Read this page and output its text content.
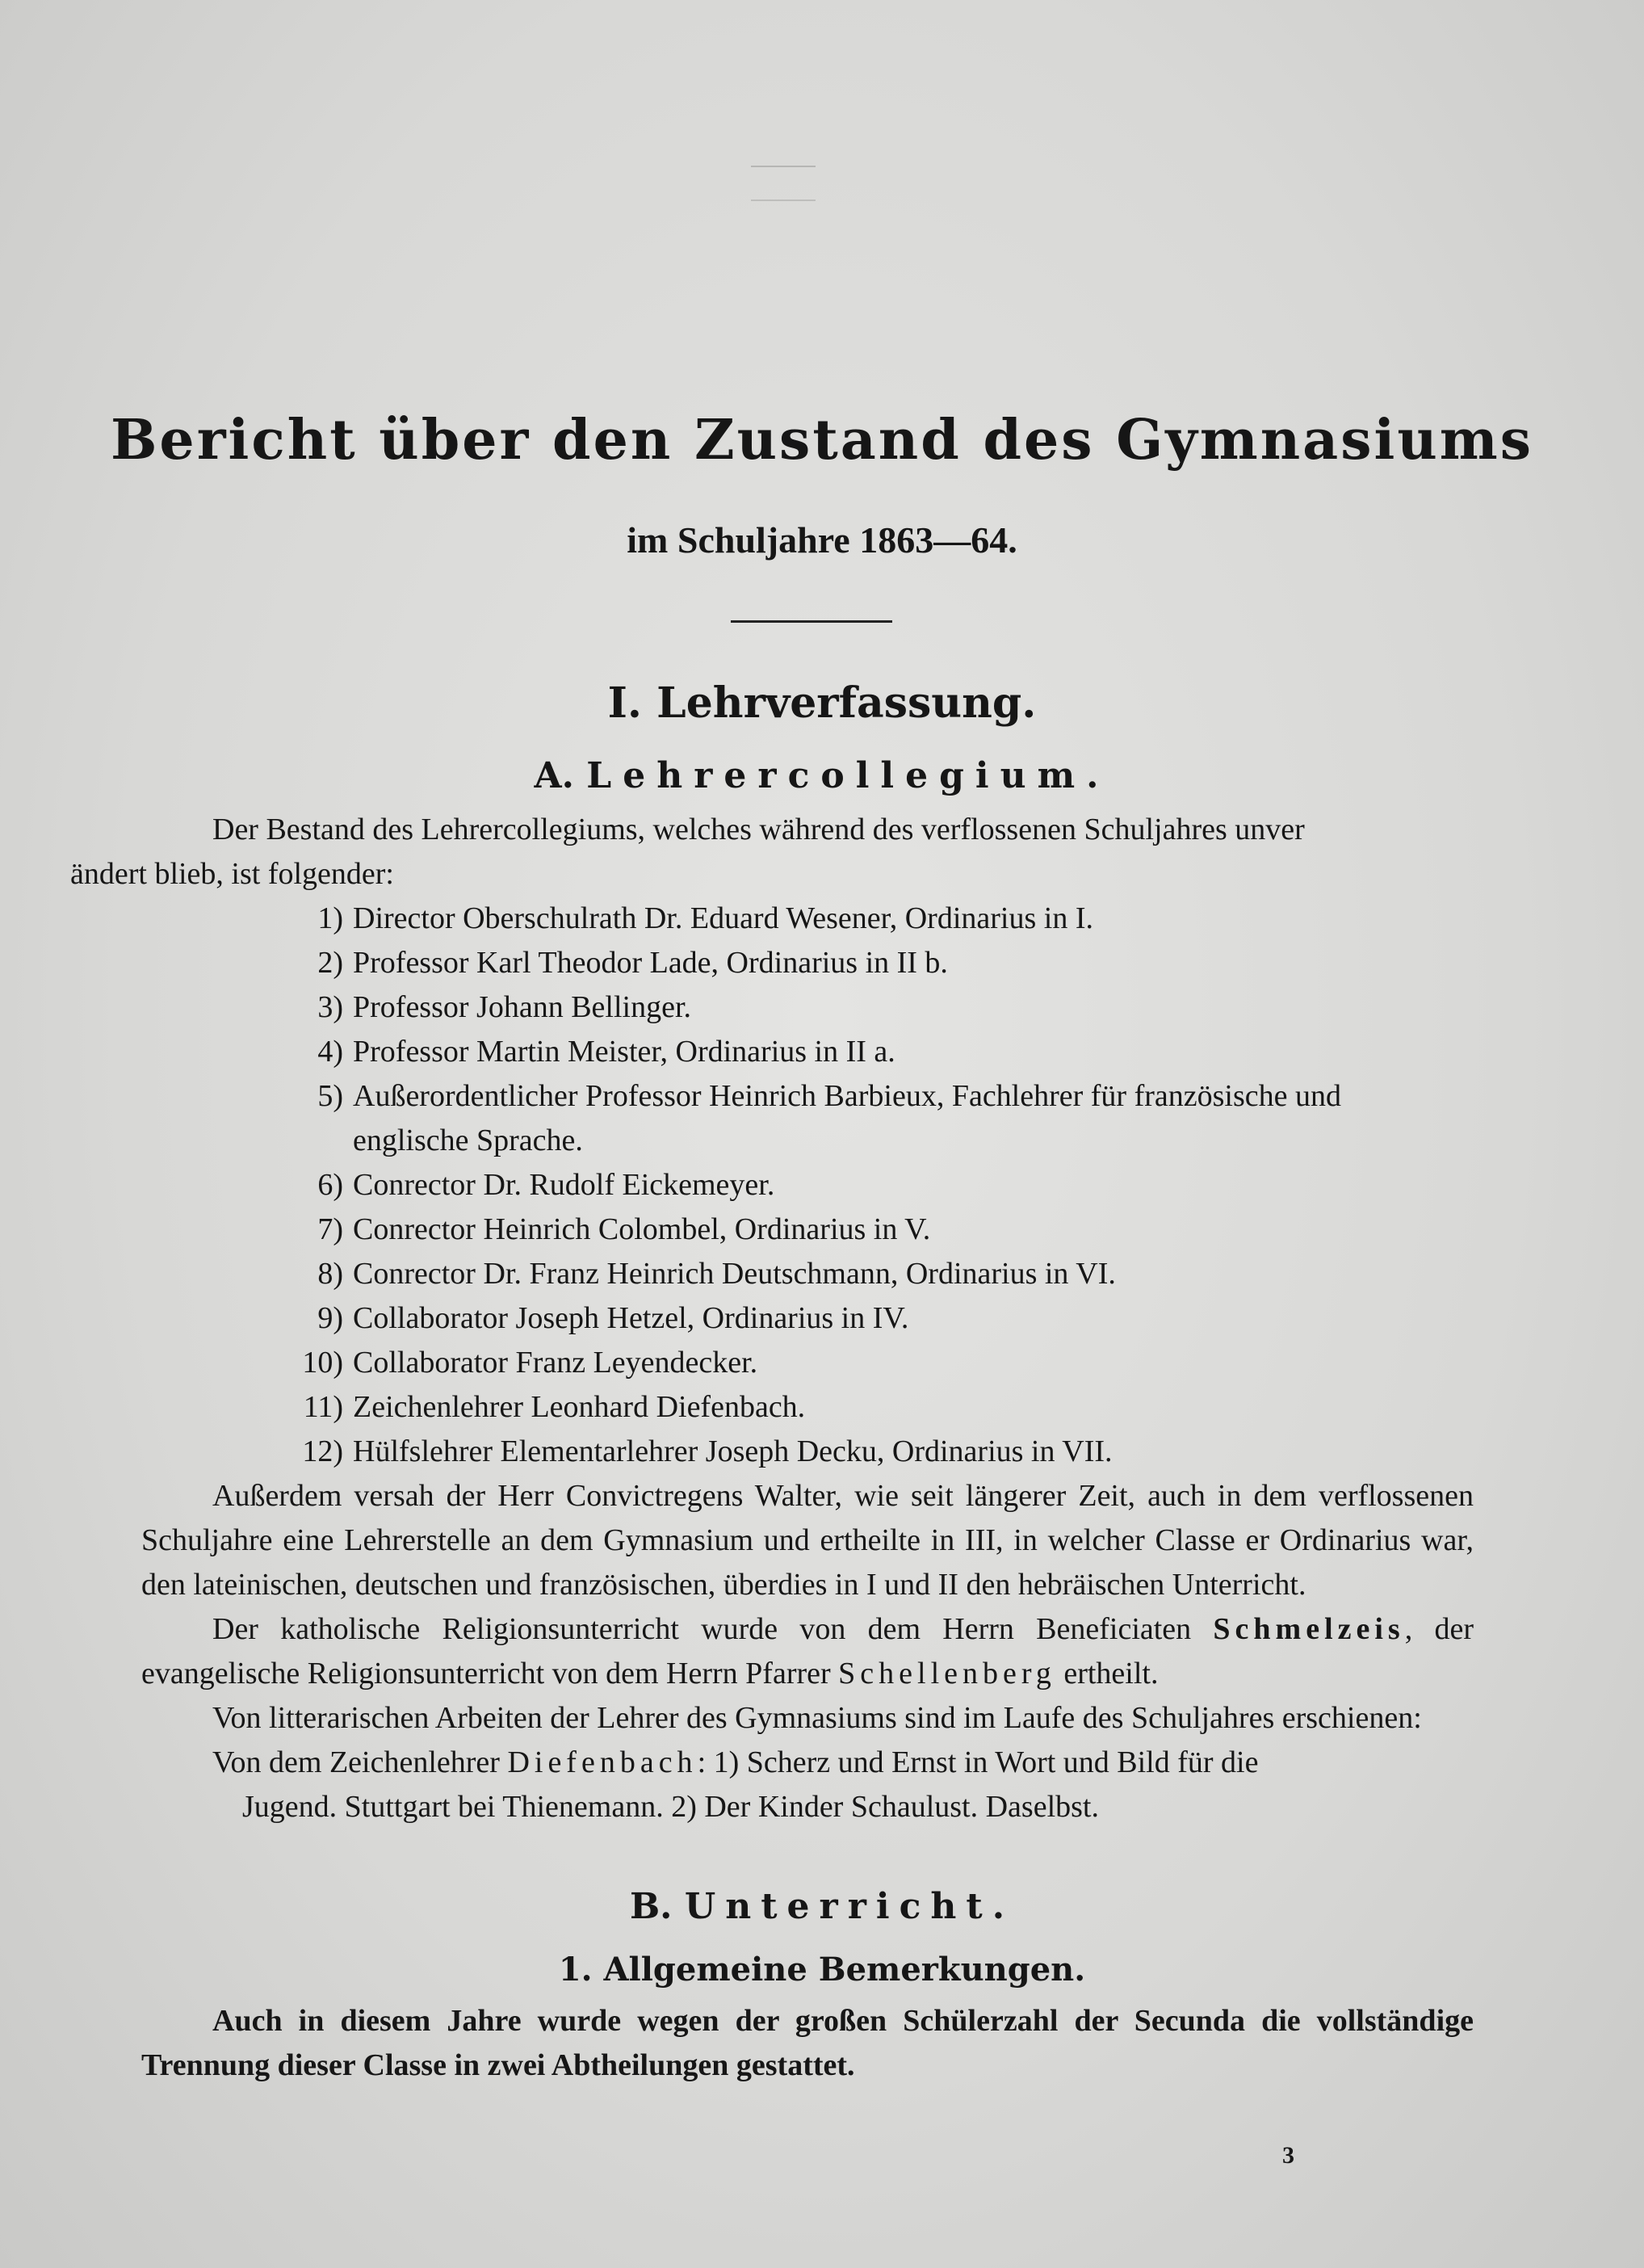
Bericht über den Zustand des Gymnasiums
im Schuljahre 1863—64.
I. Lehrverfassung.
A. Lehrercollegium.

Der Bestand des Lehrercollegiums, welches während des verflossenen Schuljahres unver
ändert blieb, ist folgender:

1) Director Oberschulrath Dr. Eduard Wesener, Ordinarius in I.
2) Professor Karl Theodor Lade, Ordinarius in II b.
3) Professor Johann Bellinger.
4) Professor Martin Meister, Ordinarius in II a.
5) Außerordentlicher Professor Heinrich Barbieux, Fachlehrer für französische und
englische Sprache.
6) Conrector Dr. Rudolf Eickemeyer.
7) Conrector Heinrich Colombel, Ordinarius in V.
8) Conrector Dr. Franz Heinrich Deutschmann, Ordinarius in VI.
9) Collaborator Joseph Hetzel, Ordinarius in IV.
10) Collaborator Franz Leyendecker.
11) Zeichenlehrer Leonhard Diefenbach.
12) Hülfslehrer Elementarlehrer Joseph Decku, Ordinarius in VII.

Außerdem versah der Herr Convictregens Walter, wie seit längerer Zeit, auch in dem verflossenen Schuljahre eine Lehrerstelle an dem Gymnasium und ertheilte in III, in welcher Classe er Ordinarius war, den lateinischen, deutschen und französischen, überdies in I und II den hebräischen Unterricht.

Der katholische Religionsunterricht wurde von dem Herrn Beneficiaten Schmelzeis, der evangelische Religionsunterricht von dem Herrn Pfarrer Schellenberg ertheilt.

Von litterarischen Arbeiten der Lehrer des Gymnasiums sind im Laufe des Schuljahres erschienen:

Von dem Zeichenlehrer Diefenbach: 1) Scherz und Ernst in Wort und Bild für die

Jugend. Stuttgart bei Thienemann. 2) Der Kinder Schaulust. Daselbst.

B. Unterricht.
1. Allgemeine Bemerkungen.

Auch in diesem Jahre wurde wegen der großen Schülerzahl der Secunda die vollständige Trennung dieser Classe in zwei Abtheilungen gestattet.

3
